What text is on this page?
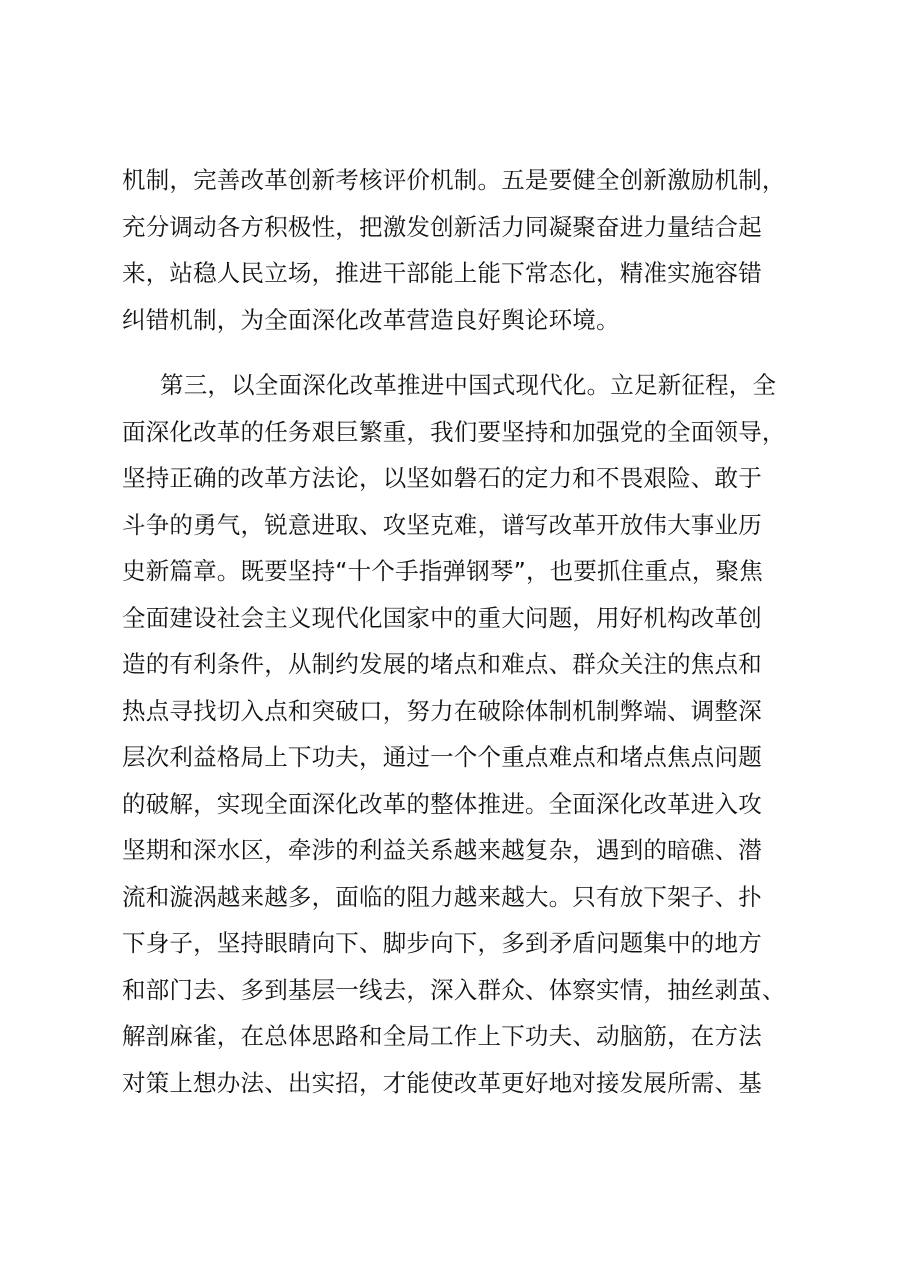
机制，完善改革创新考核评价机制。五是要健全创新激励机制，
充分调动各方积极性，把激发创新活力同凝聚奋进力量结合起
来，站稳人民立场，推进干部能上能下常态化，精准实施容错
纠错机制，为全面深化改革营造良好舆论环境。
第三，以全面深化改革推进中国式现代化。立足新征程，全
面深化改革的任务艰巨繁重，我们要坚持和加强党的全面领导，
坚持正确的改革方法论，以坚如磐石的定力和不畏艰险、敢于
斗争的勇气，锐意进取、攻坚克难，谱写改革开放伟大事业历
史新篇章。既要坚持“十个手指弹钢琴”，也要抓住重点，聚焦
全面建设社会主义现代化国家中的重大问题，用好机构改革创
造的有利条件，从制约发展的堵点和难点、群众关注的焦点和
热点寻找切入点和突破口，努力在破除体制机制弊端、调整深
层次利益格局上下功夫，通过一个个重点难点和堵点焦点问题
的破解，实现全面深化改革的整体推进。全面深化改革进入攻
坚期和深水区，牵涉的利益关系越来越复杂，遇到的暗礁、潜
流和漩涡越来越多，面临的阻力越来越大。只有放下架子、扑
下身子，坚持眼睛向下、脚步向下，多到矛盾问题集中的地方
和部门去、多到基层一线去，深入群众、体察实情，抽丝剥茧、
解剖麻雀，在总体思路和全局工作上下功夫、动脑筋，在方法
对策上想办法、出实招，才能使改革更好地对接发展所需、基
